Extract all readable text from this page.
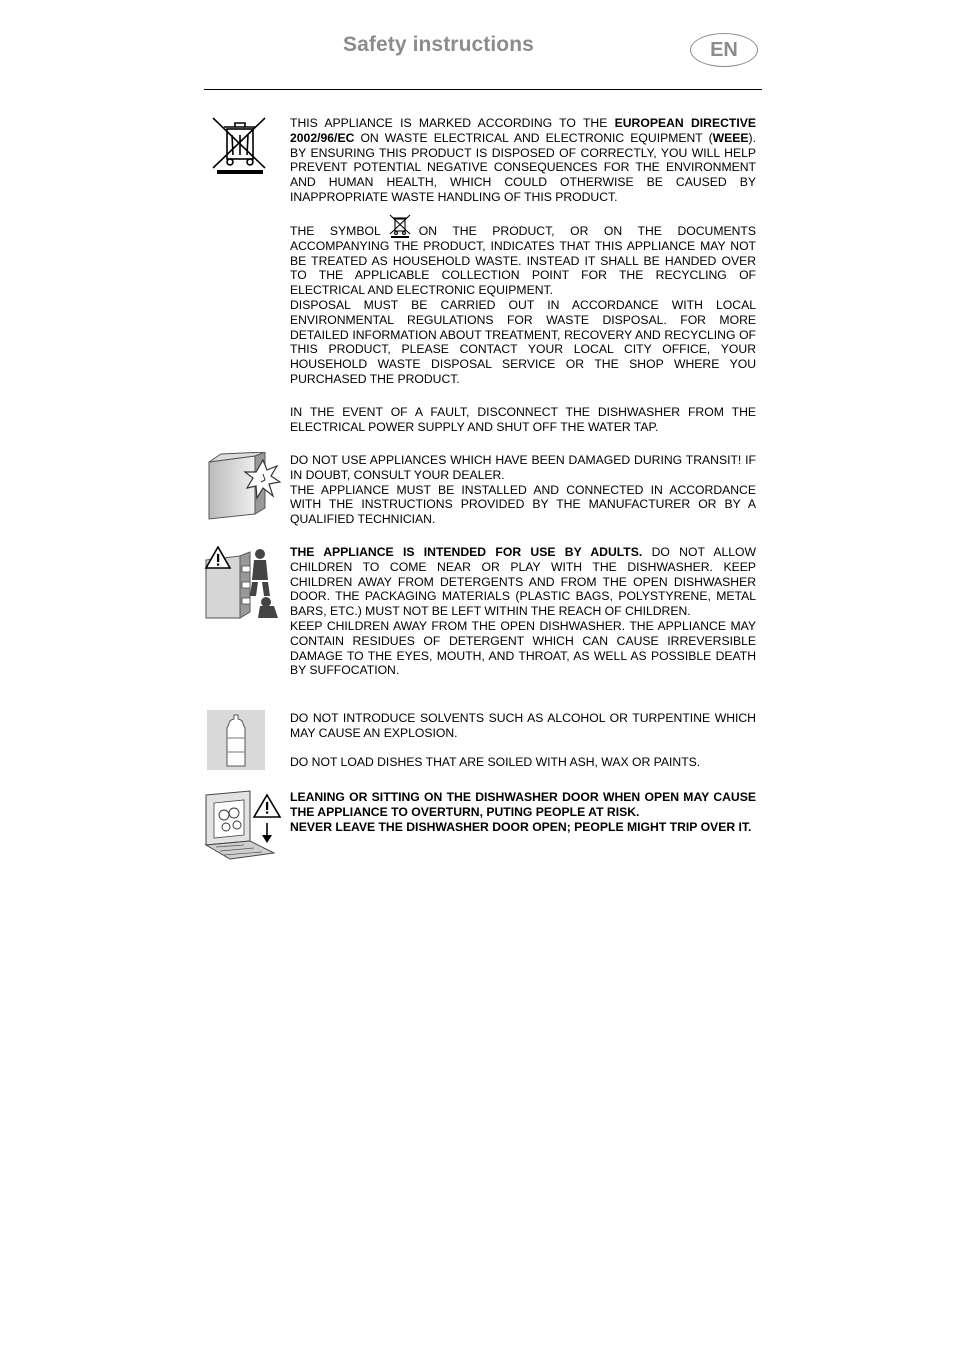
Safety instructions	EN

THIS APPLIANCE IS MARKED ACCORDING TO THE EUROPEAN DIRECTIVE 2002/96/EC ON WASTE ELECTRICAL AND ELECTRONIC EQUIPMENT (WEEE). BY ENSURING THIS PRODUCT IS DISPOSED OF CORRECTLY, YOU WILL HELP PREVENT POTENTIAL NEGATIVE CONSEQUENCES FOR THE ENVIRONMENT AND HUMAN HEALTH, WHICH COULD OTHERWISE BE CAUSED BY INAPPROPRIATE WASTE HANDLING OF THIS PRODUCT.

THE SYMBOL	ON THE PRODUCT, OR ON THE DOCUMENTS ACCOMPANYING THE PRODUCT, INDICATES THAT THIS APPLIANCE MAY NOT BE TREATED AS HOUSEHOLD WASTE. INSTEAD IT SHALL BE HANDED OVER TO THE APPLICABLE COLLECTION POINT FOR THE RECYCLING OF ELECTRICAL AND ELECTRONIC EQUIPMENT.

DISPOSAL MUST BE CARRIED OUT IN ACCORDANCE WITH LOCAL ENVIRONMENTAL REGULATIONS FOR WASTE DISPOSAL. FOR MORE DETAILED INFORMATION ABOUT TREATMENT, RECOVERY AND RECYCLING OF THIS PRODUCT, PLEASE CONTACT YOUR LOCAL CITY OFFICE, YOUR HOUSEHOLD WASTE DISPOSAL SERVICE OR THE SHOP WHERE YOU PURCHASED THE PRODUCT.

IN THE EVENT OF A FAULT, DISCONNECT THE DISHWASHER FROM THE ELECTRICAL POWER SUPPLY AND SHUT OFF THE WATER TAP.

DO NOT USE APPLIANCES WHICH HAVE BEEN DAMAGED DURING TRANSIT! IF IN DOUBT, CONSULT YOUR DEALER.

THE APPLIANCE MUST BE INSTALLED AND CONNECTED IN ACCORDANCE WITH THE INSTRUCTIONS PROVIDED BY THE MANUFACTURER OR BY A QUALIFIED TECHNICIAN.

THE APPLIANCE IS INTENDED FOR USE BY ADULTS. DO NOT ALLOW CHILDREN TO COME NEAR OR PLAY WITH THE DISHWASHER. KEEP CHILDREN AWAY FROM DETERGENTS AND FROM THE OPEN DISHWASHER DOOR. THE PACKAGING MATERIALS (PLASTIC BAGS, POLYSTYRENE, METAL BARS, ETC.) MUST NOT BE LEFT WITHIN THE REACH OF CHILDREN.

KEEP CHILDREN AWAY FROM THE OPEN DISHWASHER. THE APPLIANCE MAY CONTAIN RESIDUES OF DETERGENT WHICH CAN CAUSE IRREVERSIBLE DAMAGE TO THE EYES, MOUTH, AND THROAT, AS WELL AS POSSIBLE DEATH BY SUFFOCATION.

DO NOT INTRODUCE SOLVENTS SUCH AS ALCOHOL OR TURPENTINE WHICH MAY CAUSE AN EXPLOSION.

DO NOT LOAD DISHES THAT ARE SOILED WITH ASH, WAX OR PAINTS.

LEANING OR SITTING ON THE DISHWASHER DOOR WHEN OPEN MAY CAUSE THE APPLIANCE TO OVERTURN, PUTING PEOPLE AT RISK.

NEVER LEAVE THE DISHWASHER DOOR OPEN; PEOPLE MIGHT TRIP OVER IT.
